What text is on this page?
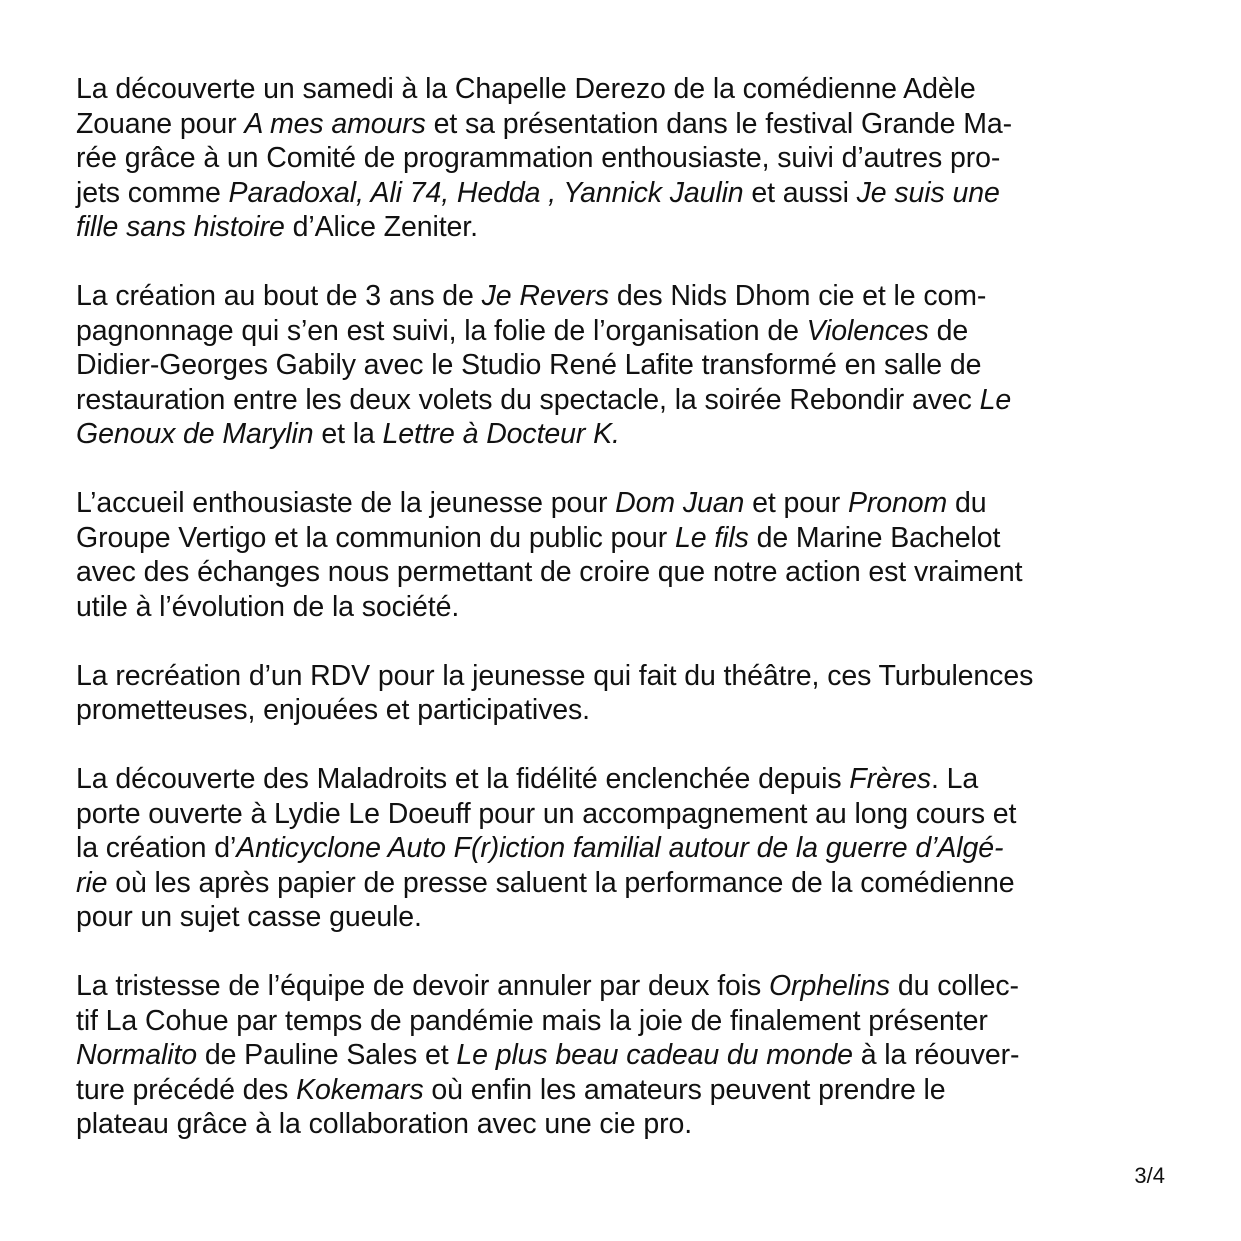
La découverte un samedi à la Chapelle Derezo de la comédienne Adèle
Zouane pour A mes amours et sa présentation dans le festival Grande Ma-
rée grâce à un Comité de programmation enthousiaste, suivi d’autres pro-
jets comme Paradoxal, Ali 74, Hedda , Yannick Jaulin et aussi Je suis une
fille sans histoire d’Alice Zeniter.

La création au bout de 3 ans de Je Revers des Nids Dhom cie et le com-
pagnonnage qui s’en est suivi, la folie de l’organisation de Violences de
Didier-Georges Gabily avec le Studio René Lafite transformé en salle de
restauration entre les deux volets du spectacle, la soirée Rebondir avec Le
Genoux de Marylin et la Lettre à Docteur K.

L’accueil enthousiaste de la jeunesse pour Dom Juan et pour Pronom du
Groupe Vertigo et la communion du public pour Le fils de Marine Bachelot
avec des échanges nous permettant de croire que notre action est vraiment
utile à l’évolution de la société.

La recréation d’un RDV pour la jeunesse qui fait du théâtre, ces Turbulences
prometteuses, enjouées et participatives.

La découverte des Maladroits et la fidélité enclenchée depuis Frères. La
porte ouverte à Lydie Le Doeuff pour un accompagnement au long cours et
la création d’Anticyclone Auto F(r)iction familial autour de la guerre d’Algé-
rie où les après papier de presse saluent la performance de la comédienne
pour un sujet casse gueule.

La tristesse de l’équipe de devoir annuler par deux fois Orphelins du collec-
tif La Cohue par temps de pandémie mais la joie de finalement présenter
Normalito de Pauline Sales et Le plus beau cadeau du monde à la réouver-
ture précédé des Kokemars où enfin les amateurs peuvent prendre le
plateau grâce à la collaboration avec une cie pro.

3/4
